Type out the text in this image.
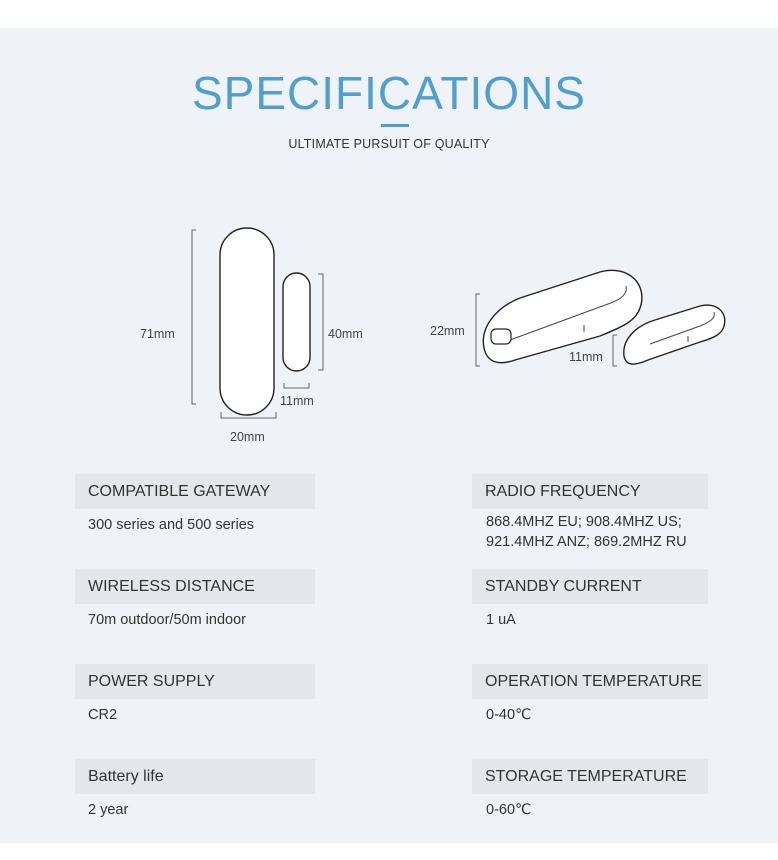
SPECIFICATIONS
ULTIMATE PURSUIT OF QUALITY
71mm
20mm
40mm
11mm
22mm
11mm
COMPATIBLE GATEWAY
300 series and 500 series
WIRELESS DISTANCE
70m outdoor/50m indoor
POWER SUPPLY
CR2
Battery life
2 year
RADIO FREQUENCY
868.4MHZ EU; 908.4MHZ US;
921.4MHZ ANZ; 869.2MHZ RU
STANDBY CURRENT
1 uA
OPERATION TEMPERATURE
0-40℃
STORAGE TEMPERATURE
0-60℃
